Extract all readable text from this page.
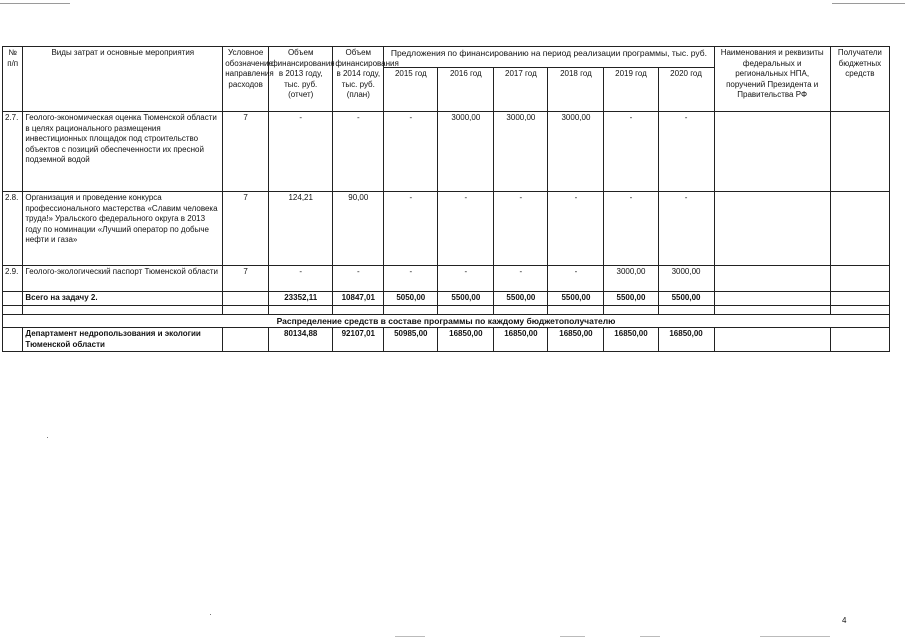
№ п/п	Виды затрат и основные мероприятия	Условное обозначение направления расходов	Объем финансирования в 2013 году, тыс. руб. (отчет)	Объем финансирования в 2014 году, тыс. руб. (план)	Предложения по финансированию на период реализации программы, тыс. руб.						Наименования и реквизиты федеральных и региональных НПА, поручений Президента и Правительства РФ	Получатели бюджетных средств
					2015 год	2016 год	2017 год	2018 год	2019 год	2020 год		
2.7.	Геолого-экономическая оценка Тюменской области в целях рационального размещения инвестиционных площадок под строительство объектов с позиций обеспеченности их пресной подземной водой	7	-	-	-	3000,00	3000,00	3000,00	-	-		
2.8.	Организация и проведение конкурса профессионального мастерства «Славим человека труда!» Уральского федерального округа в 2013 году по номинации «Лучший оператор по добыче нефти и газа»	7	124,21	90,00	-	-	-	-	-	-		
2.9.	Геолого-экологический паспорт Тюменской области	7	-	-	-	-	-	-	3000,00	3000,00		
	Всего на задачу 2.		23352,11	10847,01	5050,00	5500,00	5500,00	5500,00	5500,00	5500,00		

Распределение средств в составе программы по каждому бюджетополучателю												
	Департамент недропользования и экологии Тюменской области		80134,88	92107,01	50985,00	16850,00	16850,00	16850,00	16850,00	16850,00		
4
